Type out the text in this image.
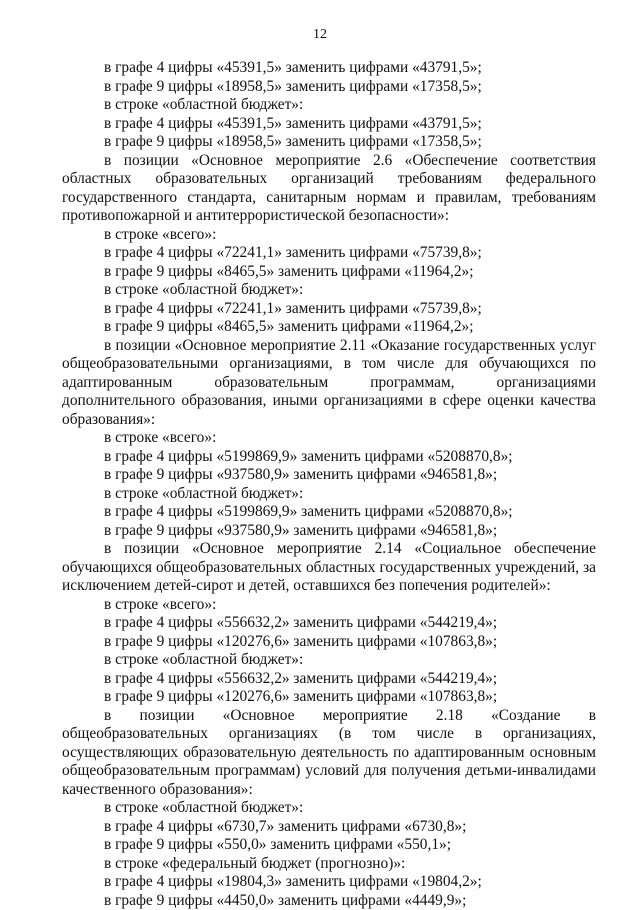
12

в графе 4 цифры «45391,5» заменить цифрами «43791,5»;

в графе 9 цифры «18958,5» заменить цифрами «17358,5»;

в строке «областной бюджет»:

в графе 4 цифры «45391,5» заменить цифрами «43791,5»;

в графе 9 цифры «18958,5» заменить цифрами «17358,5»;

в позиции «Основное мероприятие 2.6 «Обеспечение соответствия областных образовательных организаций требованиям федерального государственного стандарта, санитарным нормам и правилам, требованиям противопожарной и антитеррористической безопасности»:

в строке «всего»:

в графе 4 цифры «72241,1» заменить цифрами «75739,8»;

в графе 9 цифры «8465,5» заменить цифрами «11964,2»;

в строке «областной бюджет»:

в графе 4 цифры «72241,1» заменить цифрами «75739,8»;

в графе 9 цифры «8465,5» заменить цифрами «11964,2»;

в позиции «Основное мероприятие 2.11 «Оказание государственных услуг общеобразовательными организациями, в том числе для обучающихся по адаптированным образовательным программам, организациями дополнительного образования, иными организациями в сфере оценки качества образования»:

в строке «всего»:

в графе 4 цифры «5199869,9» заменить цифрами «5208870,8»;

в графе 9 цифры «937580,9» заменить цифрами «946581,8»;

в строке «областной бюджет»:

в графе 4 цифры «5199869,9» заменить цифрами «5208870,8»;

в графе 9 цифры «937580,9» заменить цифрами «946581,8»;

в позиции «Основное мероприятие 2.14 «Социальное обеспечение обучающихся общеобразовательных областных государственных учреждений, за исключением детей-сирот и детей, оставшихся без попечения родителей»:

в строке «всего»:

в графе 4 цифры «556632,2» заменить цифрами «544219,4»;

в графе 9 цифры «120276,6» заменить цифрами «107863,8»;

в строке «областной бюджет»:

в графе 4 цифры «556632,2» заменить цифрами «544219,4»;

в графе 9 цифры «120276,6» заменить цифрами «107863,8»;

в позиции «Основное мероприятие 2.18 «Создание в общеобразовательных организациях (в том числе в организациях, осуществляющих образовательную деятельность по адаптированным основным общеобразовательным программам) условий для получения детьми-инвалидами качественного образования»:

в строке «областной бюджет»:

в графе 4 цифры «6730,7» заменить цифрами «6730,8»;

в графе 9 цифры «550,0» заменить цифрами «550,1»;

в строке «федеральный бюджет (прогнозно)»:

в графе 4 цифры «19804,3» заменить цифрами «19804,2»;

в графе 9 цифры «4450,0» заменить цифрами «4449,9»;
